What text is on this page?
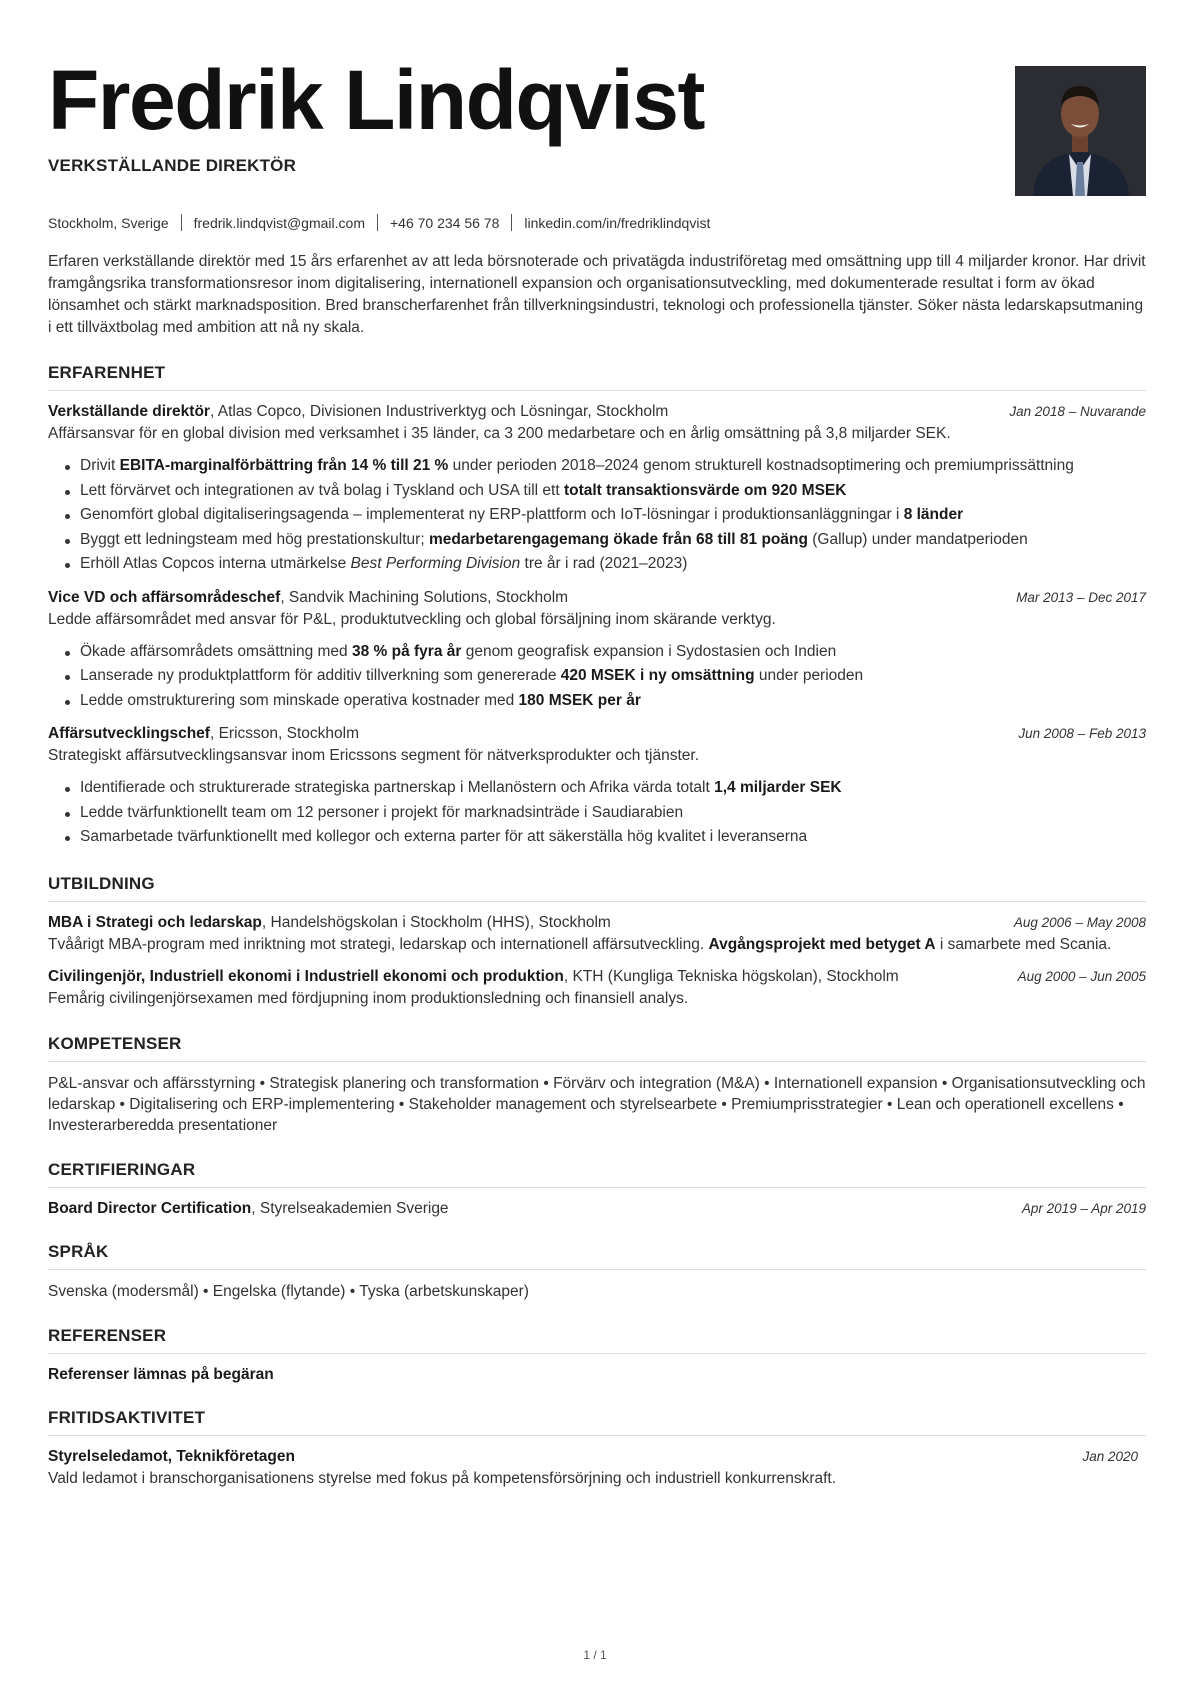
Fredrik Lindqvist
VERKSTÄLLANDE DIREKTÖR
Stockholm, Sverige fredrik.lindqvist@gmail.com +46 70 234 56 78 linkedin.com/in/fredriklindqvist
Erfaren verkställande direktör med 15 års erfarenhet av att leda börsnoterade och privatägda industriföretag med omsättning upp till 4 miljarder kronor. Har drivit framgångsrika transformationsresor inom digitalisering, internationell expansion och organisationsutveckling, med dokumenterade resultat i form av ökad lönsamhet och stärkt marknadsposition. Bred branscherfarenhet från tillverkningsindustri, teknologi och professionella tjänster. Söker nästa ledarskapsutmaning i ett tillväxtbolag med ambition att nå ny skala.
ERFARENHET
Verkställande direktör, Atlas Copco, Divisionen Industriverktyg och Lösningar, Stockholm	Jan 2018 – Nuvarande
Affärsansvar för en global division med verksamhet i 35 länder, ca 3 200 medarbetare och en årlig omsättning på 3,8 miljarder SEK.
Drivit EBITA-marginalförbättring från 14 % till 21 % under perioden 2018–2024 genom strukturell kostnadsoptimering och premiumprissättning
Lett förvärvet och integrationen av två bolag i Tyskland och USA till ett totalt transaktionsvärde om 920 MSEK
Genomfört global digitaliseringsagenda – implementerat ny ERP-plattform och IoT-lösningar i produktionsanläggningar i 8 länder
Byggt ett ledningsteam med hög prestationskultur; medarbetarengagemang ökade från 68 till 81 poäng (Gallup) under mandatperioden
Erhöll Atlas Copcos interna utmärkelse Best Performing Division tre år i rad (2021–2023)
Vice VD och affärsområdeschef, Sandvik Machining Solutions, Stockholm	Mar 2013 – Dec 2017
Ledde affärsområdet med ansvar för P&L, produktutveckling och global försäljning inom skärande verktyg.
Ökade affärsområdets omsättning med 38 % på fyra år genom geografisk expansion i Sydostasien och Indien
Lanserade ny produktplattform för additiv tillverkning som genererade 420 MSEK i ny omsättning under perioden
Ledde omstrukturering som minskade operativa kostnader med 180 MSEK per år
Affärsutvecklingschef, Ericsson, Stockholm	Jun 2008 – Feb 2013
Strategiskt affärsutvecklingsansvar inom Ericssons segment för nätverksprodukter och tjänster.
Identifierade och strukturerade strategiska partnerskap i Mellanöstern och Afrika värda totalt 1,4 miljarder SEK
Ledde tvärfunktionellt team om 12 personer i projekt för marknadsinträde i Saudiarabien
Samarbetade tvärfunktionellt med kollegor och externa parter för att säkerställa hög kvalitet i leveranserna
UTBILDNING
MBA i Strategi och ledarskap, Handelshögskolan i Stockholm (HHS), Stockholm	Aug 2006 – May 2008
Tvåårigt MBA-program med inriktning mot strategi, ledarskap och internationell affärsutveckling. Avgångsprojekt med betyget A i samarbete med Scania.
Civilingenjör, Industriell ekonomi i Industriell ekonomi och produktion, KTH (Kungliga Tekniska högskolan), Stockholm	Aug 2000 – Jun 2005
Femårig civilingenjörsexamen med fördjupning inom produktionsledning och finansiell analys.
KOMPETENSER
P&L-ansvar och affärsstyrning • Strategisk planering och transformation • Förvärv och integration (M&A) • Internationell expansion • Organisationsutveckling och ledarskap • Digitalisering och ERP-implementering • Stakeholder management och styrelsearbete • Premiumprisstrategier • Lean och operationell excellens • Investerarberedda presentationer
CERTIFIERINGAR
Board Director Certification, Styrelseakademien Sverige	Apr 2019 – Apr 2019
SPRÅK
Svenska (modersmål) • Engelska (flytande) • Tyska (arbetskunskaper)
REFERENSER
Referenser lämnas på begäran
FRITIDSAKTIVITET
Styrelseledamot, Teknikföretagen	Jan 2020
Vald ledamot i branschorganisationens styrelse med fokus på kompetensförsörjning och industriell konkurrenskraft.
1 / 1
